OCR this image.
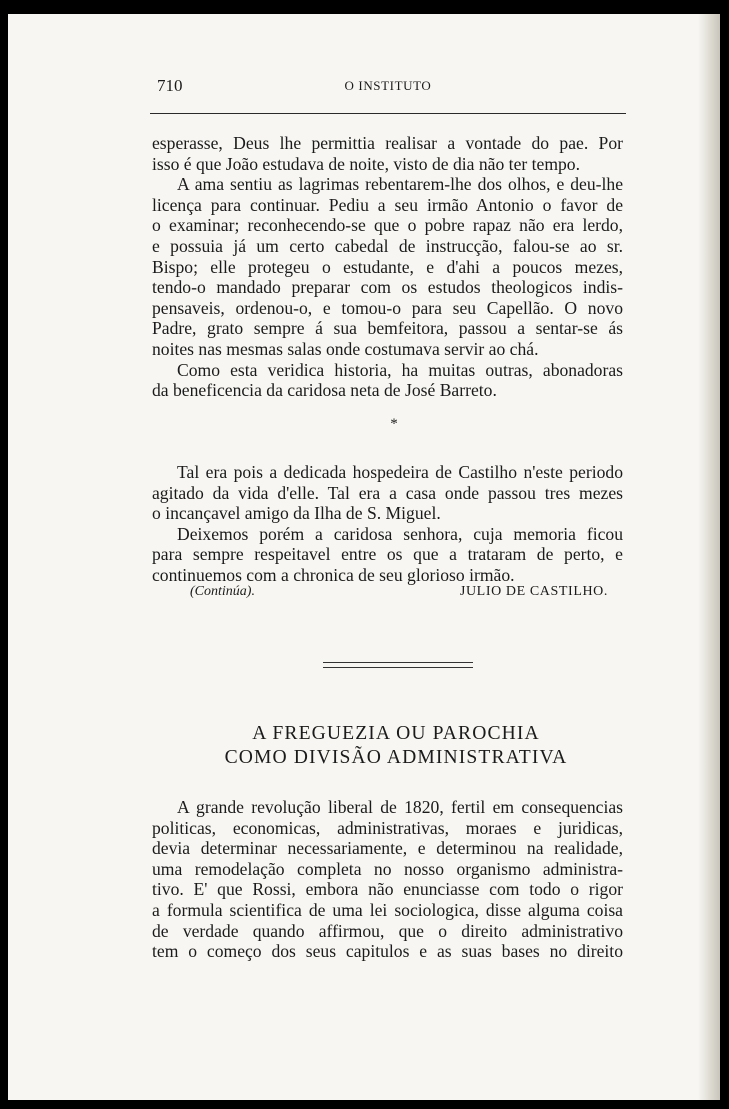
710	O INSTITUTO

esperasse, Deus lhe permittia realisar a vontade do pae. Por

isso é que João estudava de noite, visto de dia não ter tempo.

A ama sentiu as lagrimas rebentarem-lhe dos olhos, e deu-lhe

licença para continuar. Pediu a seu irmão Antonio o favor de

o examinar; reconhecendo-se que o pobre rapaz não era lerdo,

e possuia já um certo cabedal de instrucção, falou-se ao sr.

Bispo; elle protegeu o estudante, e d'ahi a poucos mezes,

tendo-o mandado preparar com os estudos theologicos indis-

pensaveis, ordenou-o, e tomou-o para seu Capellão. O novo

Padre, grato sempre á sua bemfeitora, passou a sentar-se ás

noites nas mesmas salas onde costumava servir ao chá.

Como esta veridica historia, ha muitas outras, abonadoras

da beneficencia da caridosa neta de José Barreto.

*

Tal era pois a dedicada hospedeira de Castilho n'este periodo

agitado da vida d'elle. Tal era a casa onde passou tres mezes

o incançavel amigo da Ilha de S. Miguel.

Deixemos porém a caridosa senhora, cuja memoria ficou

para sempre respeitavel entre os que a trataram de perto, e

continuemos com a chronica de seu glorioso irmão.

(Continúa).	JULIO DE CASTILHO.
A FREGUEZIA OU PAROCHIA
COMO DIVISÃO ADMINISTRATIVA

A grande revolução liberal de 1820, fertil em consequencias

politicas, economicas, administrativas, moraes e juridicas,

devia determinar necessariamente, e determinou na realidade,

uma remodelação completa no nosso organismo administra-

tivo. E' que Rossi, embora não enunciasse com todo o rigor

a formula scientifica de uma lei sociologica, disse alguma coisa

de verdade quando affirmou, que o direito administrativo

tem o começo dos seus capitulos e as suas bases no direito
